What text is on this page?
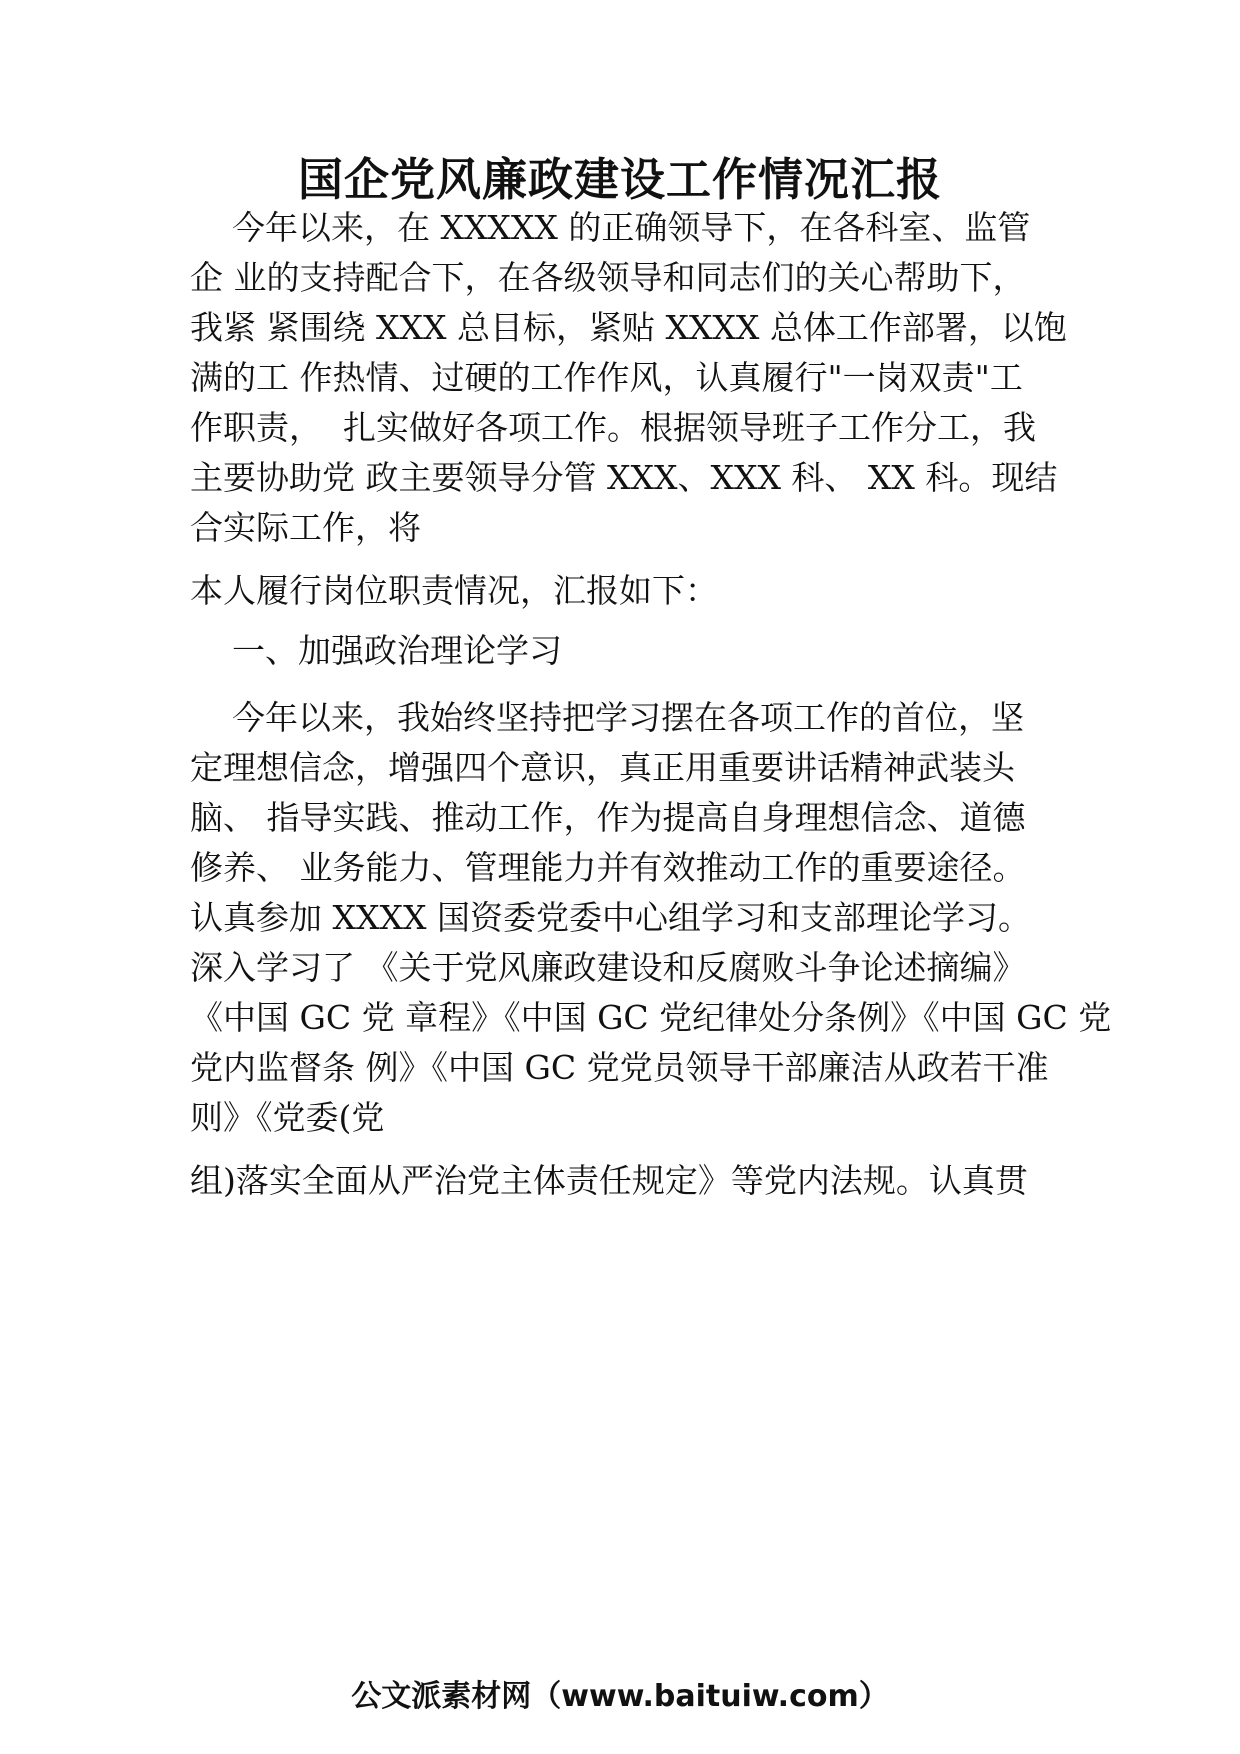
国企党风廉政建设工作情况汇报

今年以来，在 XXXXX 的正确领导下，在各科室、监管

企 业的支持配合下，在各级领导和同志们的关心帮助下，

我紧 紧围绕 XXX 总目标，紧贴 XXXX 总体工作部署，以饱

满的工 作热情、过硬的工作作风，认真履行"一岗双责"工

作职责，  扎实做好各项工作。根据领导班子工作分工，我

主要协助党 政主要领导分管 XXX、XXX 科、 XX 科。现结

合实际工作，将

本人履行岗位职责情况，汇报如下：

一、加强政治理论学习

今年以来，我始终坚持把学习摆在各项工作的首位，坚

定理想信念，增强四个意识，真正用重要讲话精神武装头

脑、 指导实践、推动工作，作为提高自身理想信念、道德

修养、 业务能力、管理能力并有效推动工作的重要途径。

认真参加 XXXX 国资委党委中心组学习和支部理论学习。

深入学习了 《关于党风廉政建设和反腐败斗争论述摘编》

《中国 GC 党 章程》《中国 GC 党纪律处分条例》《中国 GC 党

党内监督条 例》《中国 GC 党党员领导干部廉洁从政若干准

则》《党委(党

组)落实全面从严治党主体责任规定》等党内法规。认真贯

公文派素材网（www.baituiw.com）
